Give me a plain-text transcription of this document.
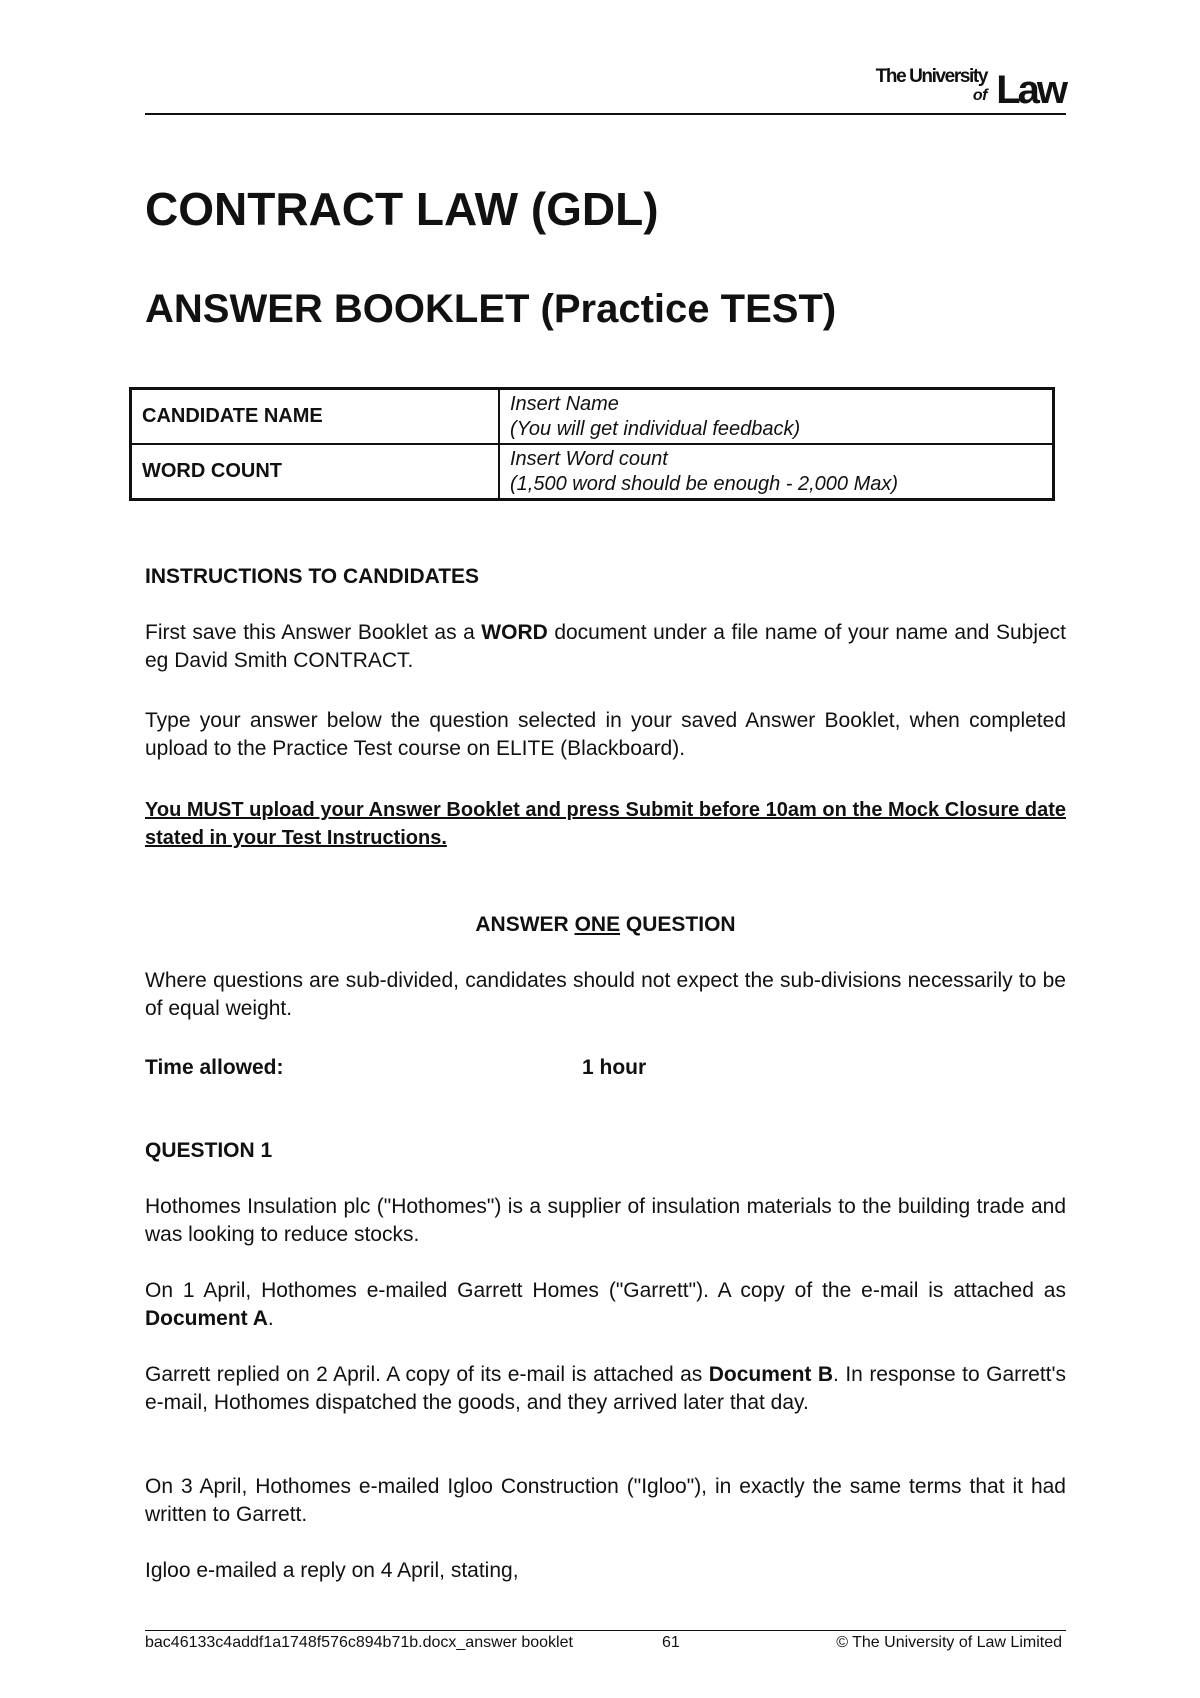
The University
of Law
CONTRACT LAW (GDL)
ANSWER BOOKLET (Practice TEST)
CANDIDATE NAME	Insert Name
(You will get individual feedback)

WORD COUNT	Insert Word count
(1,500 word should be enough - 2,000 Max)

INSTRUCTIONS TO CANDIDATES

First save this Answer Booklet as a WORD document under a file name of your name and Subject eg David Smith CONTRACT.

Type your answer below the question selected in your saved Answer Booklet, when completed upload to the Practice Test course on ELITE (Blackboard).

You MUST upload your Answer Booklet and press Submit before 10am on the Mock Closure date stated in your Test Instructions.

ANSWER ONE QUESTION

Where questions are sub-divided, candidates should not expect the sub-divisions necessarily to be of equal weight.

Time allowed:	1 hour

QUESTION 1

Hothomes Insulation plc ("Hothomes") is a supplier of insulation materials to the building trade and was looking to reduce stocks.

On 1 April, Hothomes e-mailed Garrett Homes ("Garrett"). A copy of the e-mail is attached as Document A.

Garrett replied on 2 April. A copy of its e-mail is attached as Document B. In response to Garrett's e-mail, Hothomes dispatched the goods, and they arrived later that day.

On 3 April, Hothomes e-mailed Igloo Construction ("Igloo"), in exactly the same terms that it had written to Garrett.

Igloo e-mailed a reply on 4 April, stating,

bac46133c4addf1a1748f576c894b71b.docx_answer booklet	61	© The University of Law Limited
